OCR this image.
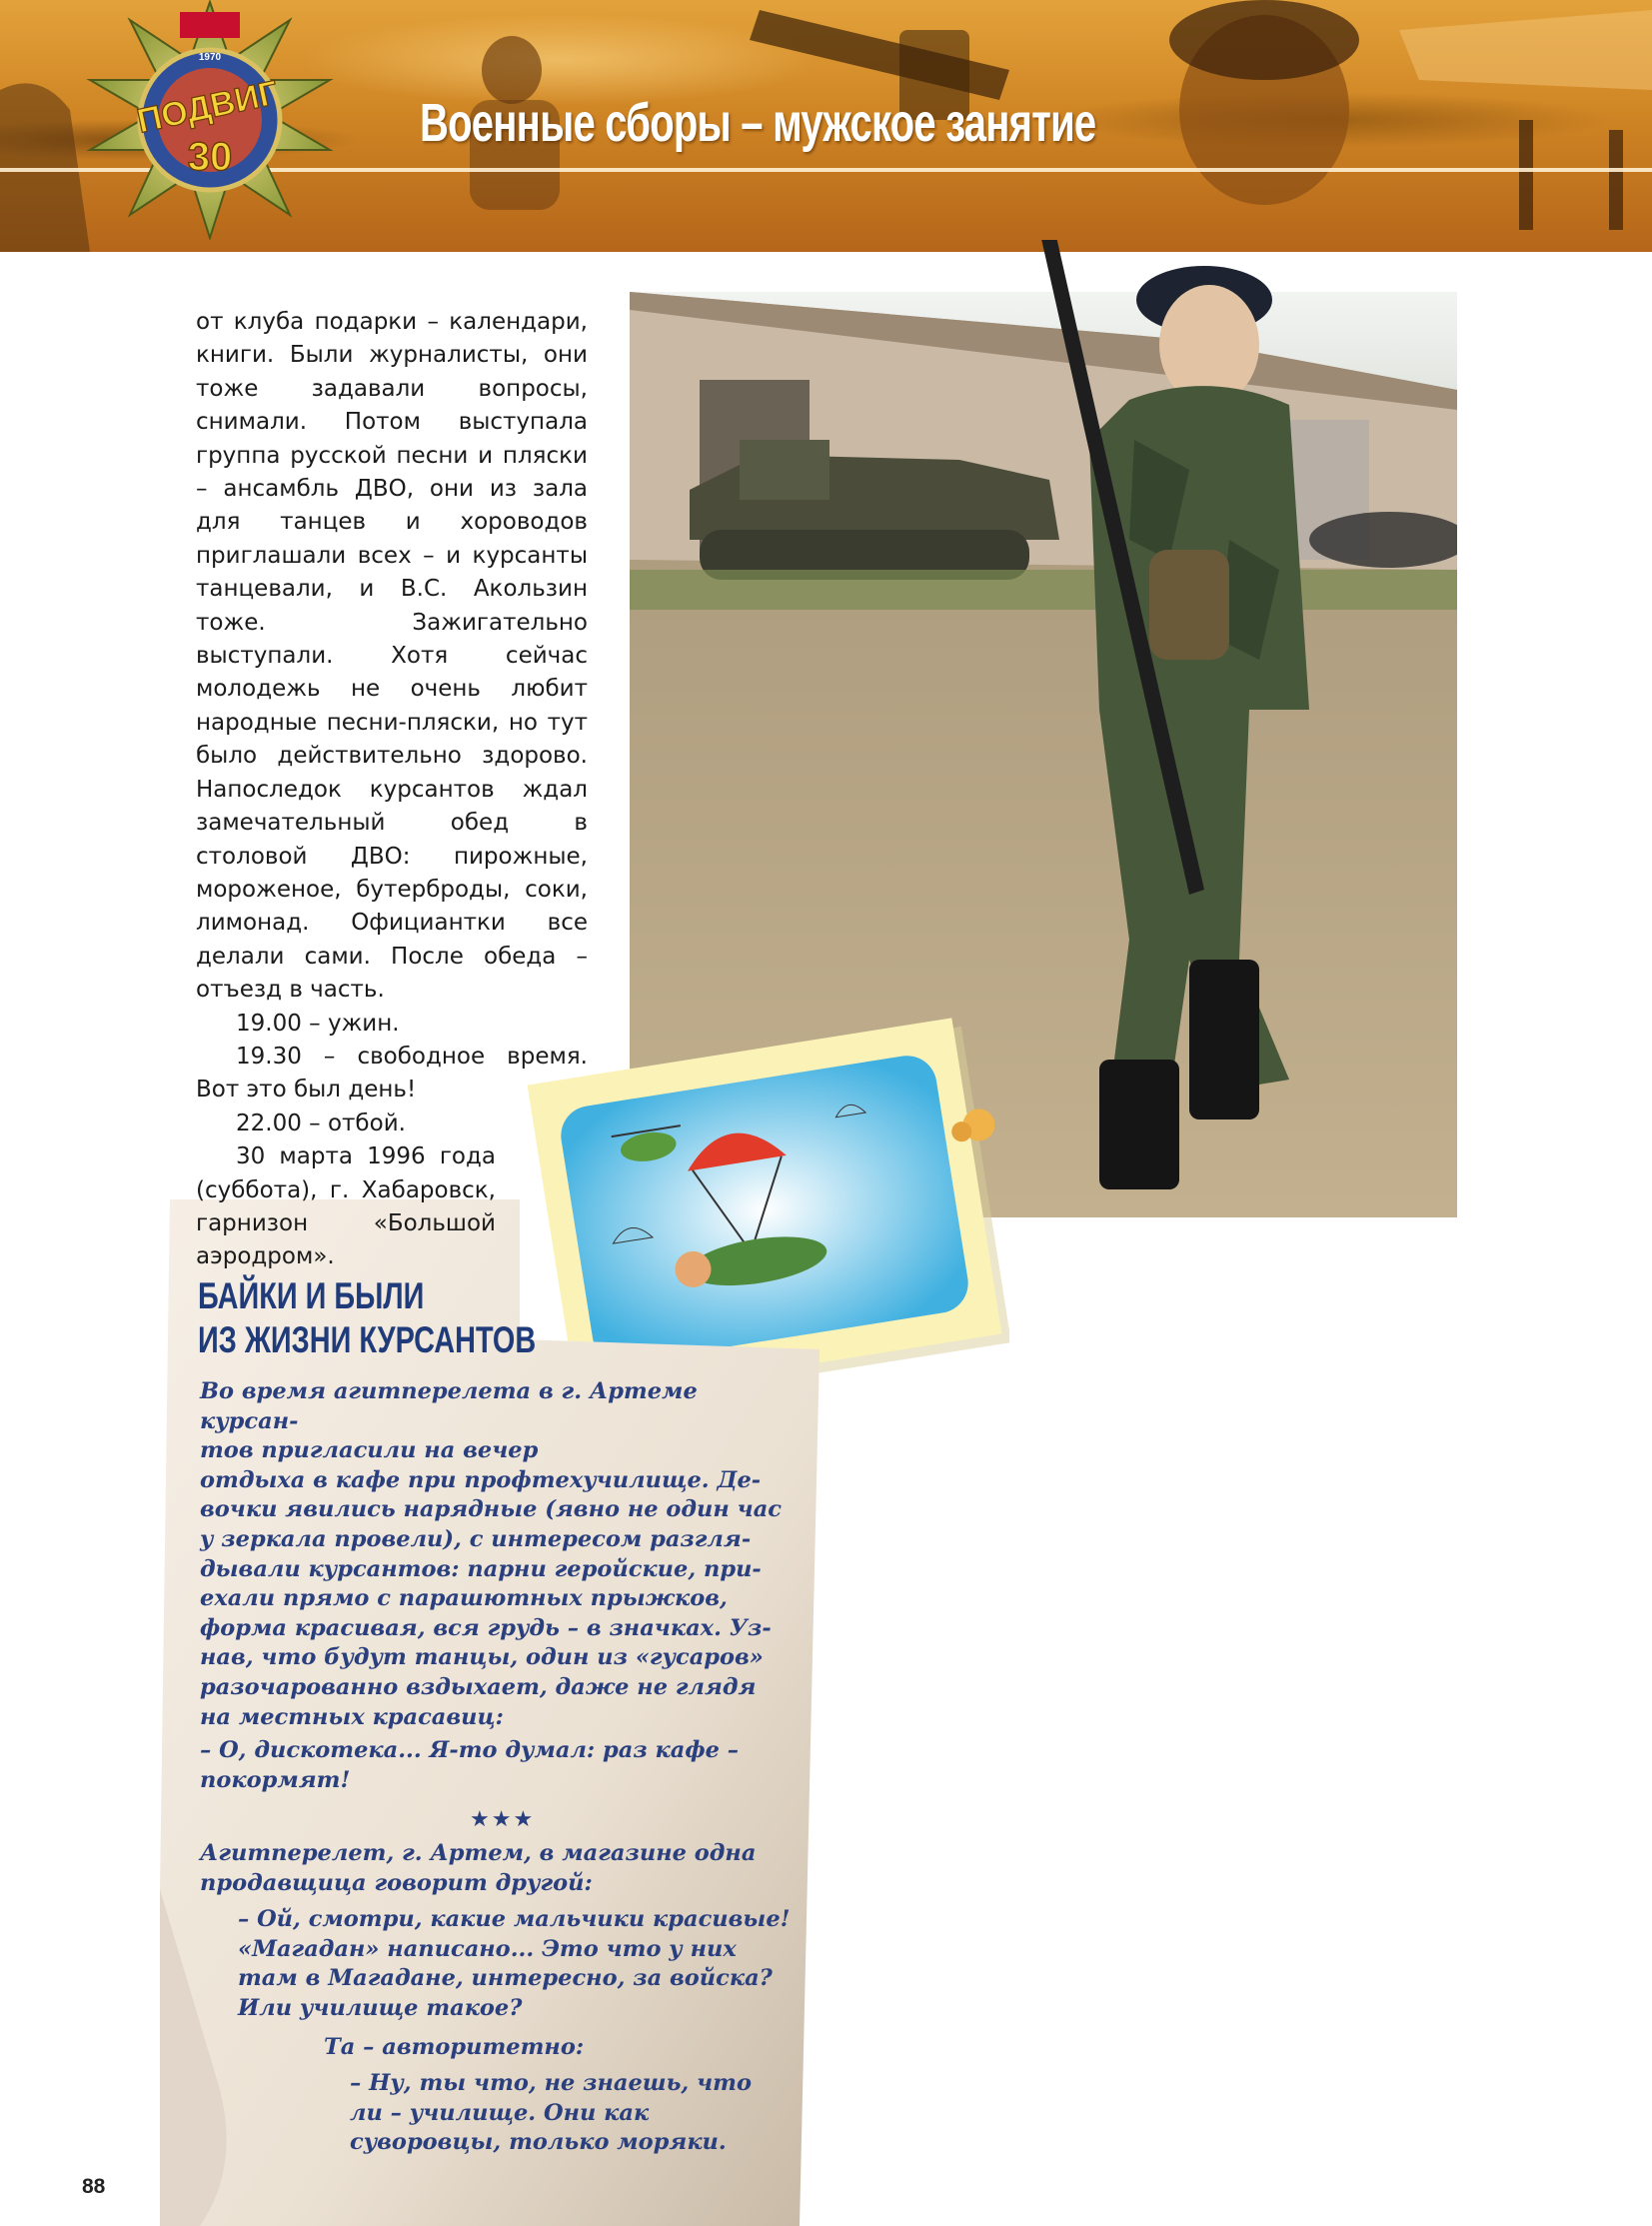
1970
ПОДВИГ
30
Военные сборы – мужское занятие

от клуба подарки – календари, книги. Были журналисты, они тоже задавали вопросы, снимали. Потом выступала группа русской песни и пляски – ансамбль ДВО, они из зала для танцев и хороводов приглашали всех – и курсанты танцевали, и В.С. Акользин тоже. Зажигательно выступали. Хотя сейчас молодежь не очень любит народные песни-пляски, но тут было действительно здорово. Напоследок курсантов ждал замечательный обед в столовой ДВО: пирожные, мороженое, бутерброды, соки, лимонад. Официантки все делали сами. После обеда – отъезд в часть.

19.00 – ужин.

19.30 – свободное время. Вот это был день!

22.00 – отбой.

30 марта 1996 года (суббота), г. Хабаровск, гарнизон «Большой аэродром».

БАЙКИ И БЫЛИ
ИЗ ЖИЗНИ КУРСАНТОВ
Во время агитперелета в г. Артеме курсан-
тов пригласили на вечер
отдыха в кафе при профтехучилище. Де-
вочки явились нарядные (явно не один час
у зеркала провели), с интересом разгля-
дывали курсантов: парни геройские, при-
ехали прямо с парашютных прыжков,
форма красивая, вся грудь – в значках. Уз-
нав, что будут танцы, один из «гусаров»
разочарованно вздыхает, даже не глядя
на местных красавиц:
– О, дискотека... Я-то думал: раз кафе – покормят!
★★★
Агитперелет, г. Артем, в магазине одна продавщица говорит другой:
– Ой, смотри, какие мальчики красивые! «Магадан» написано... Это что у них там в Магадане, интересно, за войска? Или училище такое?
Та – авторитетно:
– Ну, ты что, не знаешь, что ли – училище. Они как суворовцы, только моряки.
88
